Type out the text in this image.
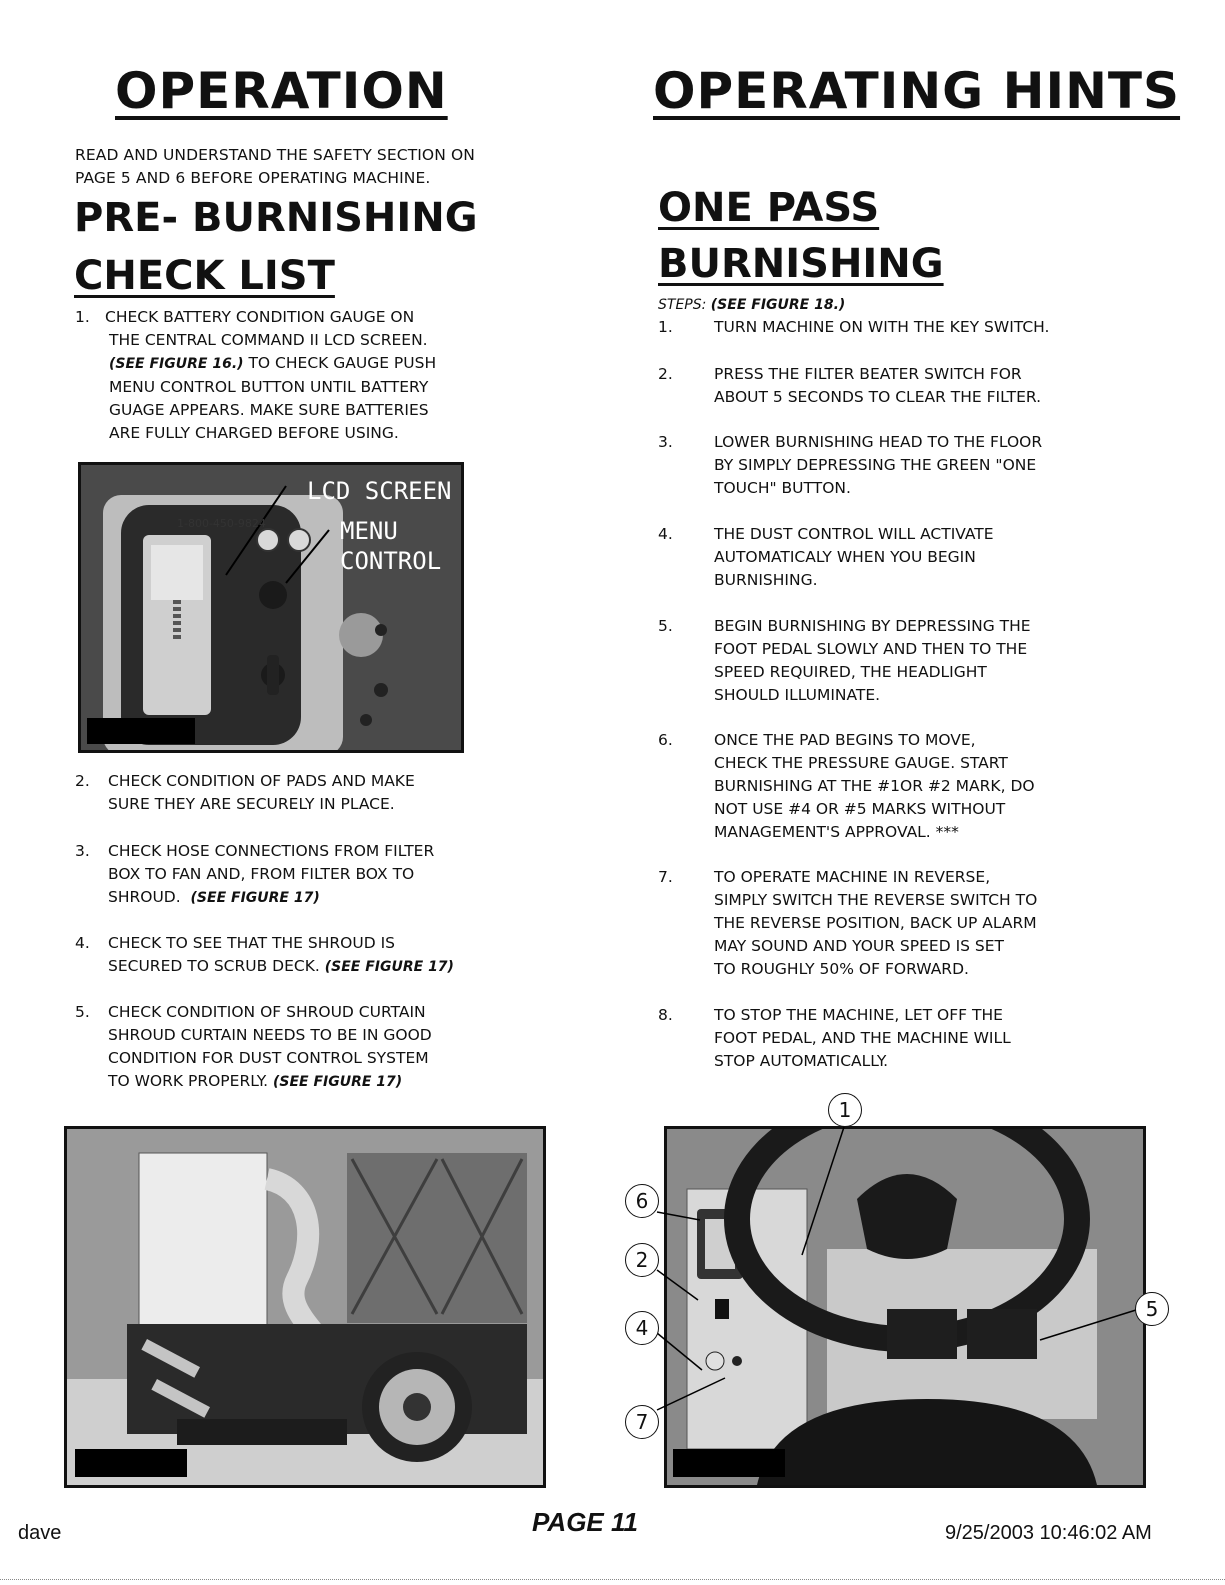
OPERATION
READ AND UNDERSTAND THE SAFETY SECTION ON
PAGE 5 AND 6 BEFORE OPERATING MACHINE.
PRE- BURNISHING
CHECK LIST
1. CHECK BATTERY CONDITION GAUGE ON
THE CENTRAL COMMAND II LCD SCREEN.
(SEE FIGURE 16.) TO CHECK GAUGE PUSH
MENU CONTROL BUTTON UNTIL BATTERY
GUAGE APPEARS. MAKE SURE BATTERIES
ARE FULLY CHARGED BEFORE USING.
1-800-450-9824
LCD SCREEN
MENU
CONTROL
2. CHECK CONDITION OF PADS AND MAKE
SURE THEY ARE SECURELY IN PLACE.
3. CHECK HOSE CONNECTIONS FROM FILTER
BOX TO FAN AND, FROM FILTER BOX TO
SHROUD.  (SEE FIGURE 17)
4. CHECK TO SEE THAT THE SHROUD IS
SECURED TO SCRUB DECK. (SEE FIGURE 17)
5. CHECK CONDITION OF SHROUD CURTAIN
SHROUD CURTAIN NEEDS TO BE IN GOOD
CONDITION FOR DUST CONTROL SYSTEM
TO WORK PROPERLY. (SEE FIGURE 17)
OPERATING HINTS
ONE PASS
BURNISHING
STEPS: (SEE FIGURE 18.)
1.	TURN MACHINE ON WITH THE KEY SWITCH.
2.	PRESS THE FILTER BEATER SWITCH FOR
ABOUT 5 SECONDS TO CLEAR THE FILTER.
3.	LOWER BURNISHING HEAD TO THE FLOOR
BY SIMPLY DEPRESSING THE GREEN "ONE
TOUCH" BUTTON.
4.	THE DUST CONTROL WILL ACTIVATE
AUTOMATICALY WHEN YOU BEGIN
BURNISHING.
5.	BEGIN BURNISHING BY DEPRESSING THE
FOOT PEDAL SLOWLY AND THEN TO THE
SPEED REQUIRED, THE HEADLIGHT
SHOULD ILLUMINATE.
6.	ONCE THE PAD BEGINS TO MOVE,
CHECK THE PRESSURE GAUGE. START
BURNISHING AT THE #1OR #2 MARK, DO
NOT USE #4 OR #5 MARKS WITHOUT
MANAGEMENT'S APPROVAL. ***
7.	TO OPERATE MACHINE IN REVERSE,
SIMPLY SWITCH THE REVERSE SWITCH TO
THE REVERSE POSITION, BACK UP ALARM
MAY SOUND AND YOUR SPEED IS SET
TO ROUGHLY 50% OF FORWARD.
8.	TO STOP THE MACHINE, LET OFF THE
FOOT PEDAL, AND THE MACHINE WILL
STOP AUTOMATICALLY.
1
6
2
4
7
5
dave	PAGE 11	9/25/2003 10:46:02 AM
